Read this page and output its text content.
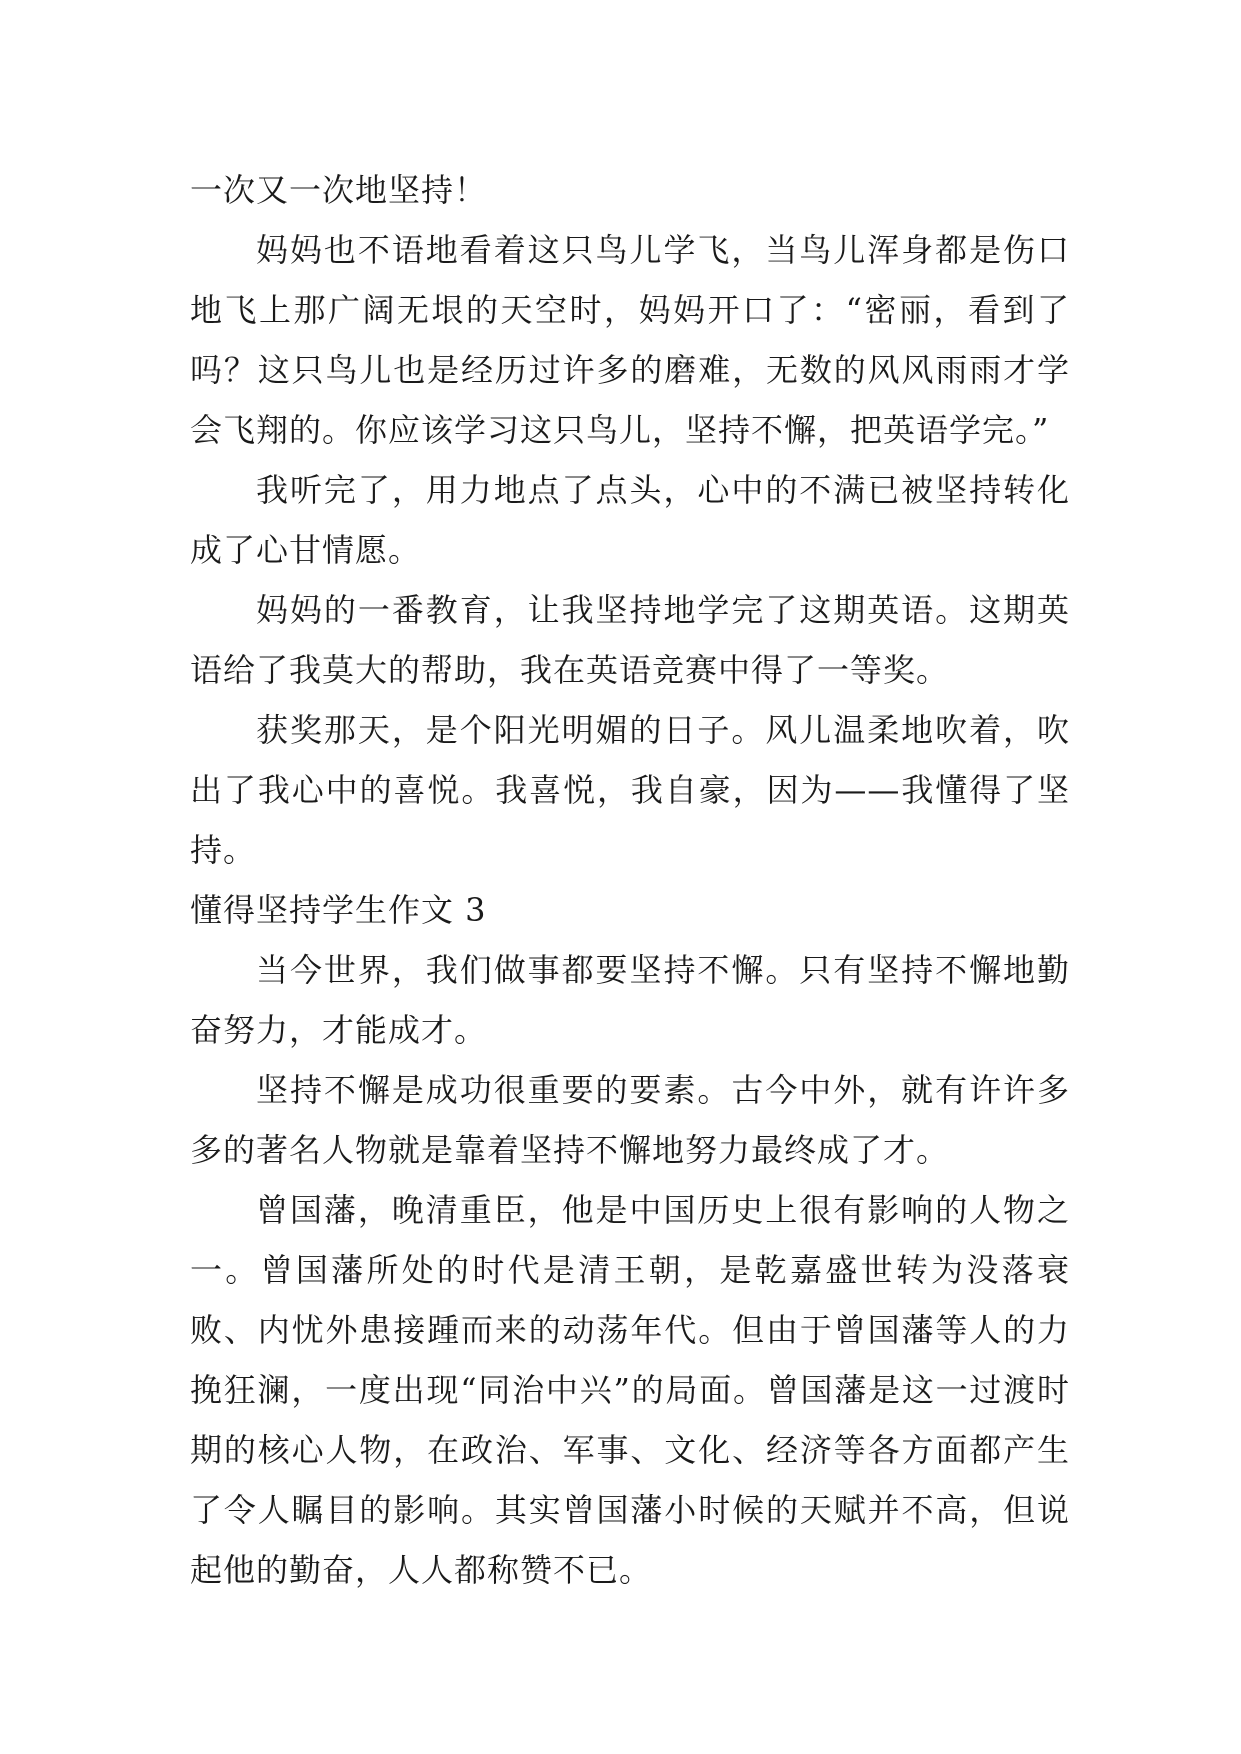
一次又一次地坚持！

妈妈也不语地看着这只鸟儿学飞，当鸟儿浑身都是伤口地飞上那广阔无垠的天空时，妈妈开口了：“密丽，看到了吗？这只鸟儿也是经历过许多的磨难，无数的风风雨雨才学会飞翔的。你应该学习这只鸟儿，坚持不懈，把英语学完。”

我听完了，用力地点了点头，心中的不满已被坚持转化成了心甘情愿。

妈妈的一番教育，让我坚持地学完了这期英语。这期英语给了我莫大的帮助，我在英语竞赛中得了一等奖。

获奖那天，是个阳光明媚的日子。风儿温柔地吹着，吹出了我心中的喜悦。我喜悦，我自豪，因为——我懂得了坚持。

懂得坚持学生作文 3

当今世界，我们做事都要坚持不懈。只有坚持不懈地勤奋努力，才能成才。

坚持不懈是成功很重要的要素。古今中外，就有许许多多的著名人物就是靠着坚持不懈地努力最终成了才。

曾国藩，晚清重臣，他是中国历史上很有影响的人物之一。曾国藩所处的时代是清王朝，是乾嘉盛世转为没落衰败、内忧外患接踵而来的动荡年代。但由于曾国藩等人的力挽狂澜，一度出现“同治中兴”的局面。曾国藩是这一过渡时期的核心人物，在政治、军事、文化、经济等各方面都产生了令人瞩目的影响。其实曾国藩小时候的天赋并不高，但说起他的勤奋，人人都称赞不已。
